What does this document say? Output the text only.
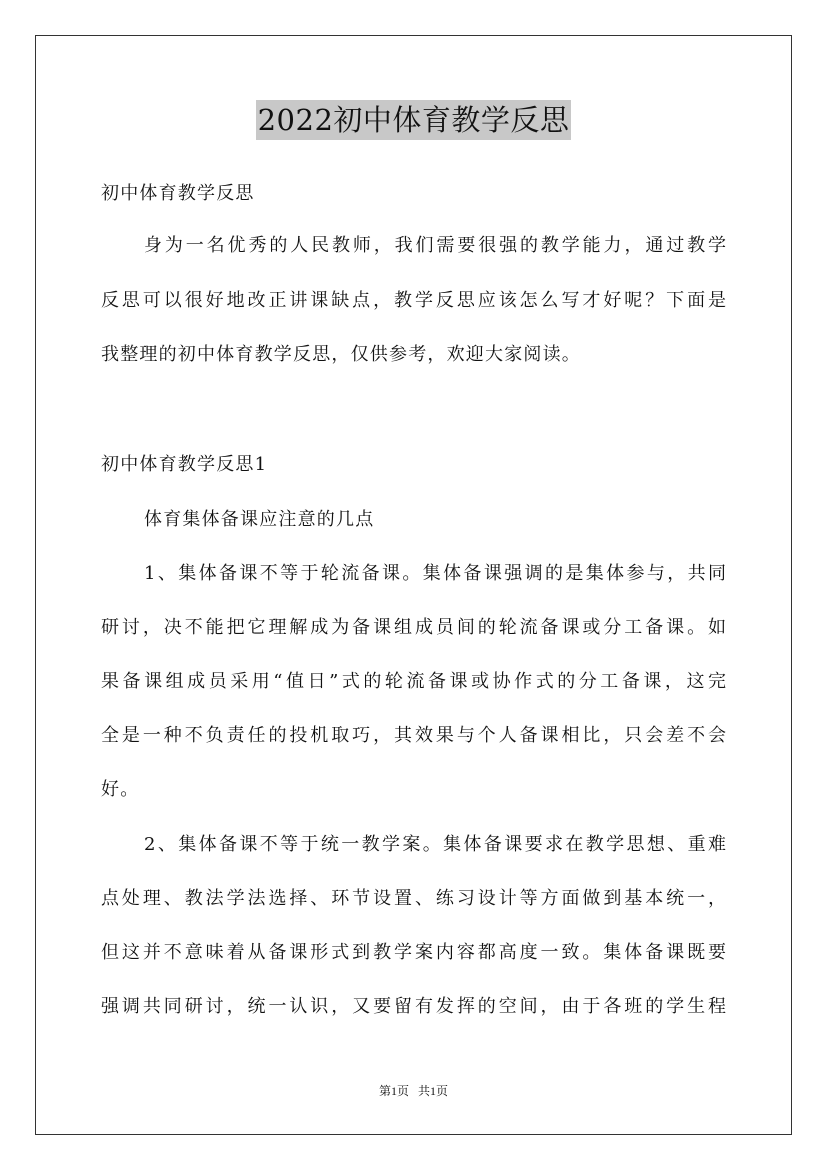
2022初中体育教学反思
初中体育教学反思
身为一名优秀的人民教师，我们需要很强的教学能力，通过教学
反思可以很好地改正讲课缺点，教学反思应该怎么写才好呢？下面是
我整理的初中体育教学反思，仅供参考，欢迎大家阅读。
初中体育教学反思1
体育集体备课应注意的几点
1、集体备课不等于轮流备课。集体备课强调的是集体参与，共同
研讨，决不能把它理解成为备课组成员间的轮流备课或分工备课。如
果备课组成员采用“值日”式的轮流备课或协作式的分工备课，这完
全是一种不负责任的投机取巧，其效果与个人备课相比，只会差不会
好。
2、集体备课不等于统一教学案。集体备课要求在教学思想、重难
点处理、教法学法选择、环节设置、练习设计等方面做到基本统一，
但这并不意味着从备课形式到教学案内容都高度一致。集体备课既要
强调共同研讨，统一认识，又要留有发挥的空间，由于各班的学生程
第1页 共1页
